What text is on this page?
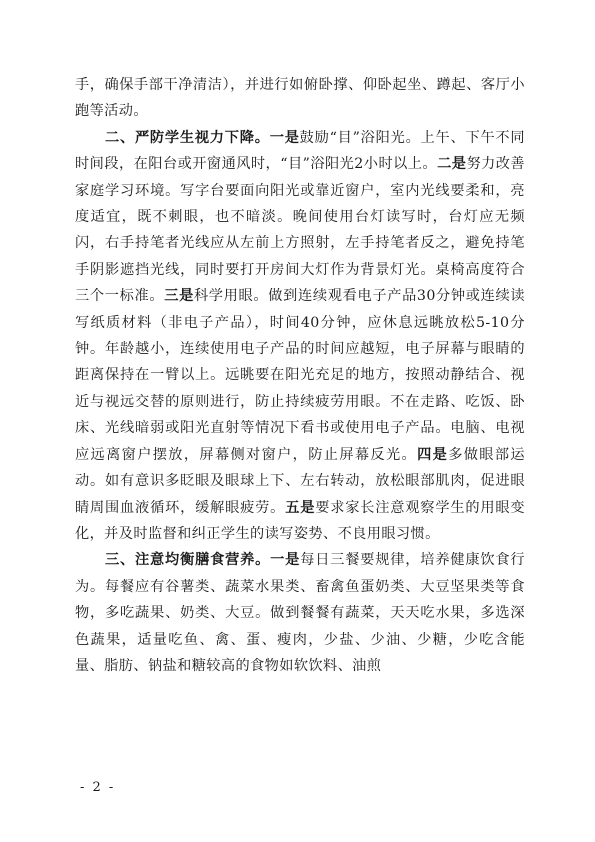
手，确保手部干净清洁），并进行如俯卧撑、仰卧起坐、蹲起、客厅小跑等活动。

二、严防学生视力下降。一是鼓励“目”浴阳光。上午、下午不同时间段，在阳台或开窗通风时，“目”浴阳光2小时以上。二是努力改善家庭学习环境。写字台要面向阳光或靠近窗户，室内光线要柔和，亮度适宜，既不刺眼，也不暗淡。晚间使用台灯读写时，台灯应无频闪，右手持笔者光线应从左前上方照射，左手持笔者反之，避免持笔手阴影遮挡光线，同时要打开房间大灯作为背景灯光。桌椅高度符合三个一标准。三是科学用眼。做到连续观看电子产品30分钟或连续读写纸质材料（非电子产品），时间40分钟，应休息远眺放松5-10分钟。年龄越小，连续使用电子产品的时间应越短，电子屏幕与眼睛的距离保持在一臂以上。远眺要在阳光充足的地方，按照动静结合、视近与视远交替的原则进行，防止持续疲劳用眼。不在走路、吃饭、卧床、光线暗弱或阳光直射等情况下看书或使用电子产品。电脑、电视应远离窗户摆放，屏幕侧对窗户，防止屏幕反光。四是多做眼部运动。如有意识多眨眼及眼球上下、左右转动，放松眼部肌肉，促进眼睛周围血液循环，缓解眼疲劳。五是要求家长注意观察学生的用眼变化，并及时监督和纠正学生的读写姿势、不良用眼习惯。

三、注意均衡膳食营养。一是每日三餐要规律，培养健康饮食行为。每餐应有谷薯类、蔬菜水果类、畜禽鱼蛋奶类、大豆坚果类等食物，多吃蔬果、奶类、大豆。做到餐餐有蔬菜，天天吃水果，多选深色蔬果，适量吃鱼、禽、蛋、瘦肉，少盐、少油、少糖，少吃含能量、脂肪、钠盐和糖较高的食物如软饮料、油煎

- 2 -
